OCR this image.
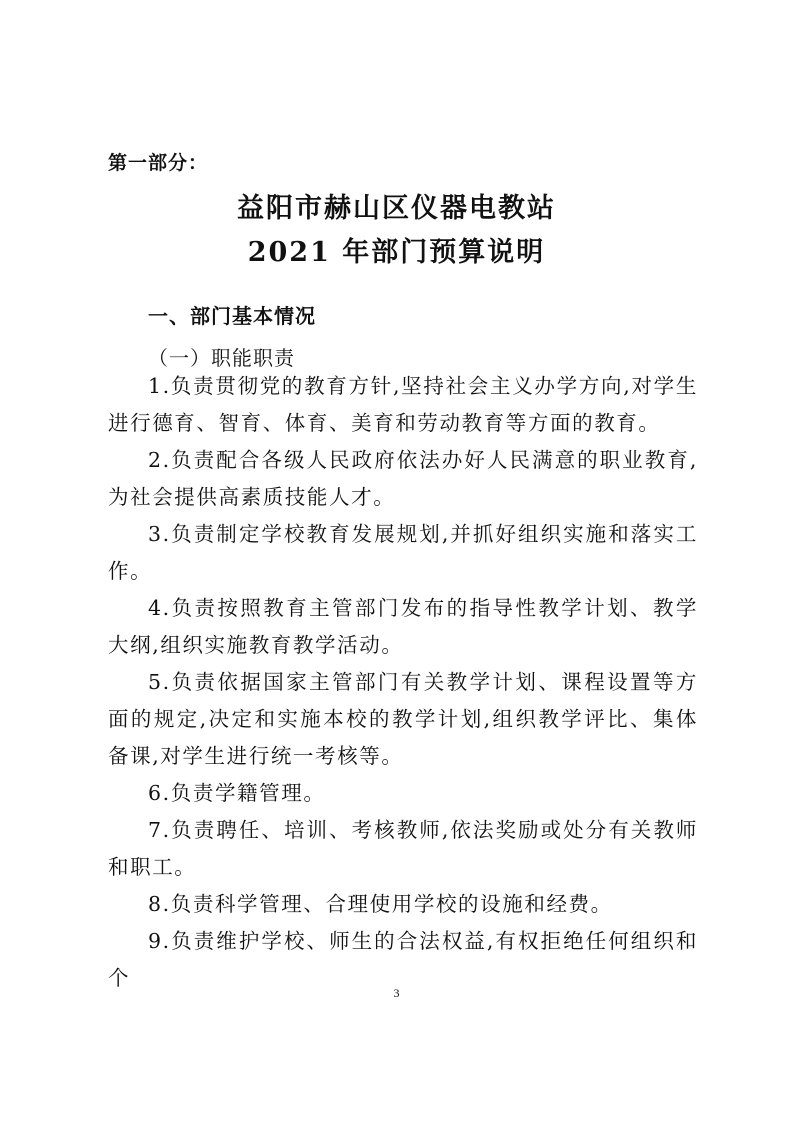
第一部分：
益阳市赫山区仪器电教站
2021 年部门预算说明
一、部门基本情况
（一）职能职责

1.负责贯彻党的教育方针,坚持社会主义办学方向,对学生进行德育、智育、体育、美育和劳动教育等方面的教育。

2.负责配合各级人民政府依法办好人民满意的职业教育,为社会提供高素质技能人才。

3.负责制定学校教育发展规划,并抓好组织实施和落实工作。

4.负责按照教育主管部门发布的指导性教学计划、教学大纲,组织实施教育教学活动。

5.负责依据国家主管部门有关教学计划、课程设置等方面的规定,决定和实施本校的教学计划,组织教学评比、集体备课,对学生进行统一考核等。

6.负责学籍管理。

7.负责聘任、培训、考核教师,依法奖励或处分有关教师和职工。

8.负责科学管理、合理使用学校的设施和经费。

9.负责维护学校、师生的合法权益,有权拒绝任何组织和个

3
